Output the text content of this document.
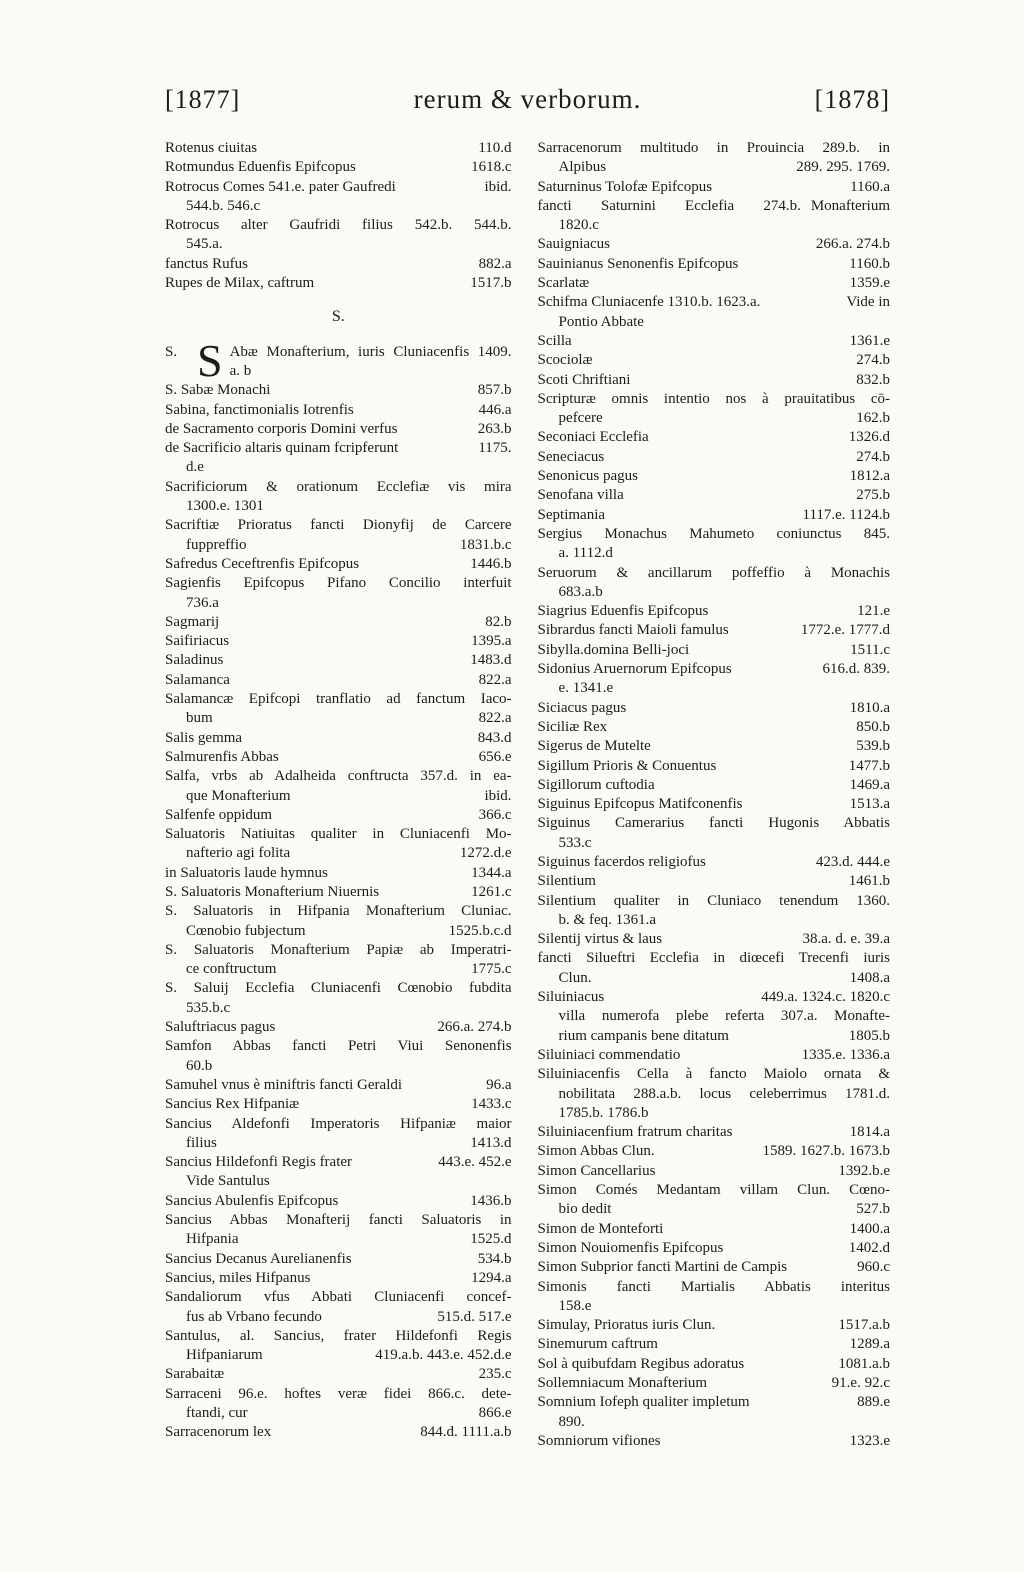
[1877]	rerum & verborum.	[1878]
Rotenus ciuitas	110.d
Rotmundus Eduenfis Epifcopus	1618.c
Rotrocus Comes 541.e. pater Gaufredi	ibid.
544.b. 546.c
Rotrocus alter Gaufridi filius 542.b. 544.b.
545.a.
fanctus Rufus	882.a
Rupes de Milax, caftrum	1517.b
S.
S. S Abæ Monafterium, iuris Cluniacenfis 1409.
a. b
S. Sabæ Monachi	857.b
Sabina, fanctimonialis Iotrenfis	446.a
de Sacramento corporis Domini verfus	263.b
de Sacrificio altaris quinam fcripferunt	1175.
d.e
Sacrificiorum & orationum Ecclefiæ vis mira
1300.e. 1301
Sacriftiæ Prioratus fancti Dionyfij de Carcere
fuppreffio	1831.b.c
Safredus Ceceftrenfis Epifcopus	1446.b
Sagienfis Epifcopus Pifano Concilio interfuit
736.a
Sagmarij	82.b
Saifiriacus	1395.a
Saladinus	1483.d
Salamanca	822.a
Salamancæ Epifcopi tranflatio ad fanctum Iaco-
bum	822.a
Salis gemma	843.d
Salmurenfis Abbas	656.e
Salfa, vrbs ab Adalheida conftructa 357.d. in ea-
que Monafterium	ibid.
Salfenfe oppidum	366.c
Saluatoris Natiuitas qualiter in Cluniacenfi Mo-
nafterio agi folita	1272.d.e
in Saluatoris laude hymnus	1344.a
S. Saluatoris Monafterium Niuernis	1261.c
S. Saluatoris in Hifpania Monafterium Cluniac.
Cœnobio fubjectum	1525.b.c.d
S. Saluatoris Monafterium Papiæ ab Imperatri-
ce conftructum	1775.c
S. Saluij Ecclefia Cluniacenfi Cœnobio fubdita
535.b.c
Saluftriacus pagus	266.a. 274.b
Samfon Abbas fancti Petri Viui Senonenfis
60.b
Samuhel vnus è miniftris fancti Geraldi	96.a
Sancius Rex Hifpaniæ	1433.c
Sancius Aldefonfi Imperatoris Hifpaniæ maior
filius	1413.d
Sancius Hildefonfi Regis frater	443.e. 452.e
Vide Santulus
Sancius Abulenfis Epifcopus	1436.b
Sancius Abbas Monafterij fancti Saluatoris in
Hifpania	1525.d
Sancius Decanus Aurelianenfis	534.b
Sancius, miles Hifpanus	1294.a
Sandaliorum vfus Abbati Cluniacenfi concef-
fus ab Vrbano fecundo	515.d. 517.e
Santulus, al. Sancius, frater Hildefonfi Regis
Hifpaniarum	419.a.b. 443.e. 452.d.e
Sarabaitæ	235.c
Sarraceni 96.e. hoftes veræ fidei 866.c. dete-
ftandi, cur	866.e
Sarracenorum lex	844.d. 1111.a.b
Sarracenorum multitudo in Prouincia 289.b. in
Alpibus	289. 295. 1769.
Saturninus Tolofæ Epifcopus	1160.a
fancti Saturnini Ecclefia 274.b. Monafterium
1820.c
Sauigniacus	266.a. 274.b
Sauinianus Senonenfis Epifcopus	1160.b
Scarlatæ	1359.e
Schifma Cluniacenfe 1310.b. 1623.a.	Vide in
Pontio Abbate
Scilla	1361.e
Scociolæ	274.b
Scoti Chriftiani	832.b
Scripturæ omnis intentio nos à prauitatibus cō-
pefcere	162.b
Seconiaci Ecclefia	1326.d
Seneciacus	274.b
Senonicus pagus	1812.a
Senofana villa	275.b
Septimania	1117.e. 1124.b
Sergius Monachus Mahumeto coniunctus 845.
a. 1112.d
Seruorum & ancillarum poffeffio à Monachis
683.a.b
Siagrius Eduenfis Epifcopus	121.e
Sibrardus fancti Maioli famulus	1772.e. 1777.d
Sibylla.domina Belli-joci	1511.c
Sidonius Aruernorum Epifcopus	616.d. 839.
e. 1341.e
Siciacus pagus	1810.a
Siciliæ Rex	850.b
Sigerus de Mutelte	539.b
Sigillum Prioris & Conuentus	1477.b
Sigillorum cuftodia	1469.a
Siguinus Epifcopus Matifconenfis	1513.a
Siguinus Camerarius fancti Hugonis Abbatis
533.c
Siguinus facerdos religiofus	423.d. 444.e
Silentium	1461.b
Silentium qualiter in Cluniaco tenendum 1360.
b. & feq. 1361.a
Silentij virtus & laus	38.a. d. e. 39.a
fancti Silueftri Ecclefia in diœcefi Trecenfi iuris
Clun.	1408.a
Siluiniacus	449.a. 1324.c. 1820.c
villa numerofa plebe referta 307.a. Monafte-
rium campanis bene ditatum	1805.b
Siluiniaci commendatio	1335.e. 1336.a
Siluiniacenfis Cella à fancto Maiolo ornata &
nobilitata 288.a.b. locus celeberrimus 1781.d.
1785.b. 1786.b
Siluiniacenfium fratrum charitas	1814.a
Simon Abbas Clun.	1589. 1627.b. 1673.b
Simon Cancellarius	1392.b.e
Simon Comés Medantam villam Clun. Cœno-
bio dedit	527.b
Simon de Monteforti	1400.a
Simon Nouiomenfis Epifcopus	1402.d
Simon Subprior fancti Martini de Campis	960.c
Simonis fancti Martialis Abbatis interitus
158.e
Simulay, Prioratus iuris Clun.	1517.a.b
Sinemurum caftrum	1289.a
Sol à quibufdam Regibus adoratus	1081.a.b
Sollemniacum Monafterium	91.e. 92.c
Somnium Iofeph qualiter impletum	889.e
890.
Somniorum vifiones	1323.e
